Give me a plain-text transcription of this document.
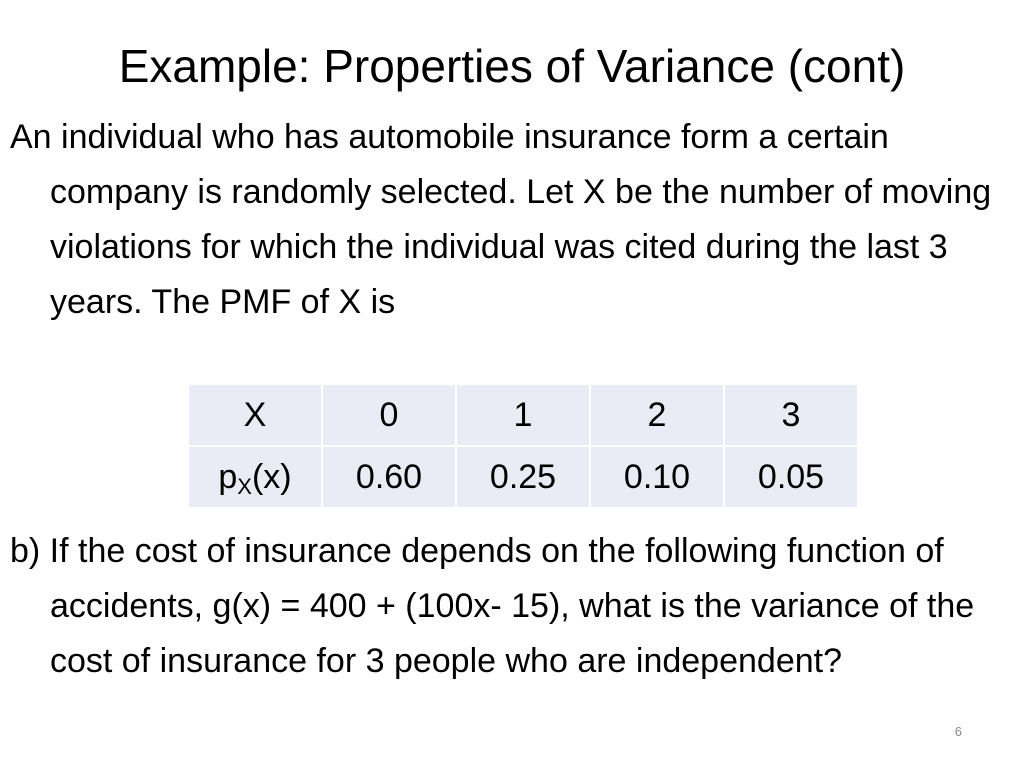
Example: Properties of Variance (cont)
An individual who has automobile insurance form a certain company is randomly selected. Let X be the number of moving violations for which the individual was cited during the last 3 years. The PMF of X is
X	0	1	2	3
$p_X(x)$	0.60	0.25	0.10	0.05
b) If the cost of insurance depends on the following function of accidents, g(x) = 400 + (100x- 15), what is the variance of the cost of insurance for 3 people who are independent?
6
